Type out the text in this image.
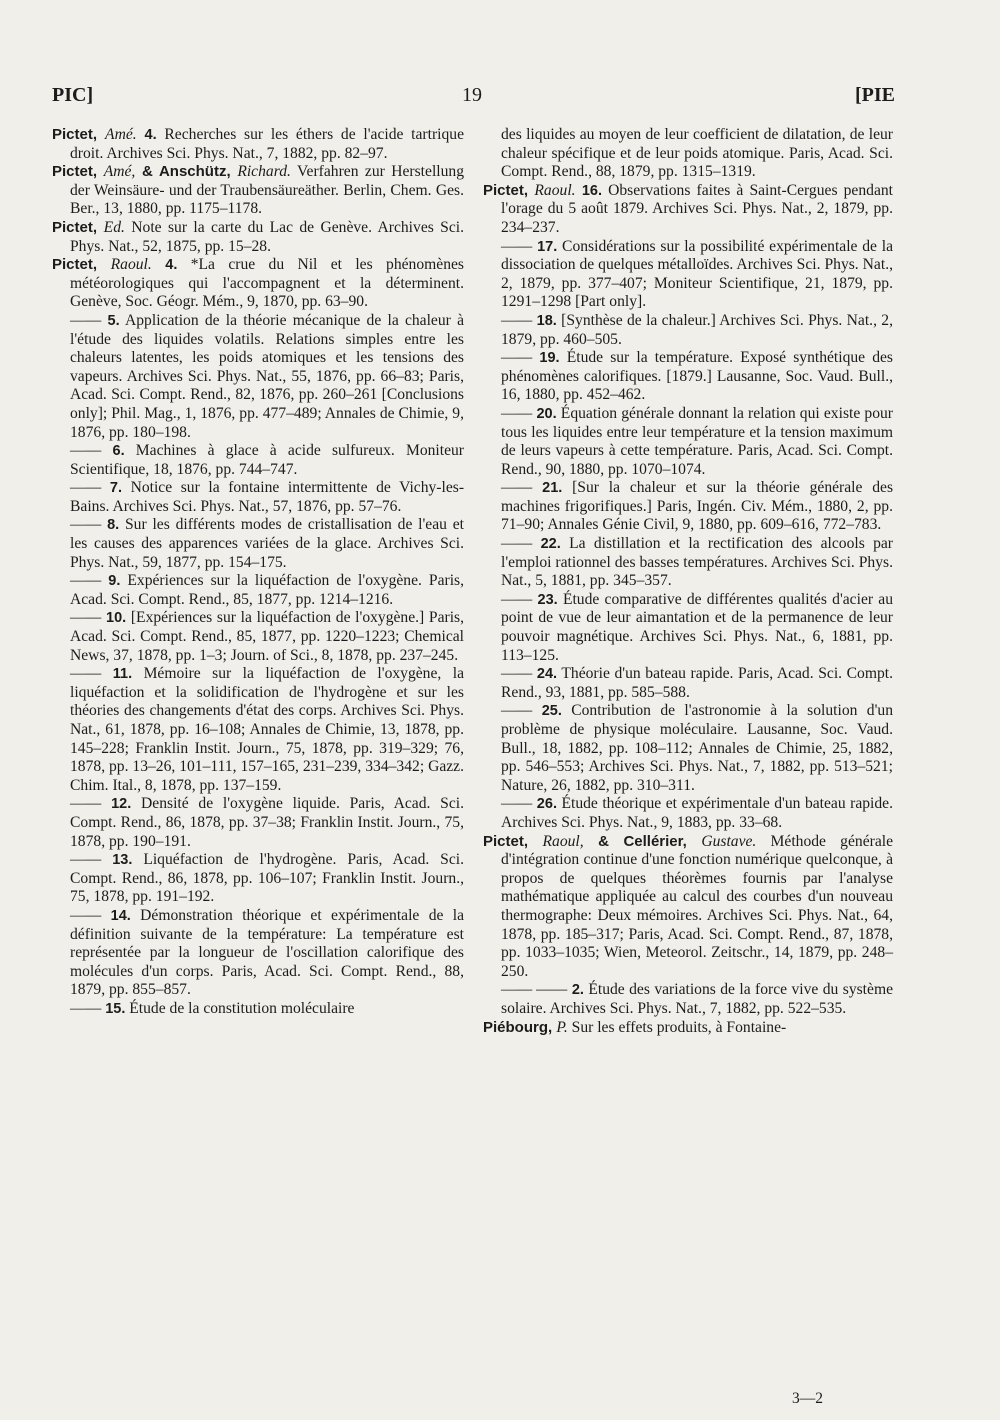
PIC]	19	[PIE

Pictet, Amé. 4. Recherches sur les éthers de l'acide tartrique droit. Archives Sci. Phys. Nat., 7, 1882, pp. 82–97.

Pictet, Amé, & Anschütz, Richard. Verfahren zur Herstellung der Weinsäure- und der Traubensäureäther. Berlin, Chem. Ges. Ber., 13, 1880, pp. 1175–1178.

Pictet, Ed. Note sur la carte du Lac de Genève. Archives Sci. Phys. Nat., 52, 1875, pp. 15–28.

Pictet, Raoul. 4. *La crue du Nil et les phénomènes météorologiques qui l'accompagnent et la déterminent. Genève, Soc. Géogr. Mém., 9, 1870, pp. 63–90.

—— 5. Application de la théorie mécanique de la chaleur à l'étude des liquides volatils. Relations simples entre les chaleurs latentes, les poids atomiques et les tensions des vapeurs. Archives Sci. Phys. Nat., 55, 1876, pp. 66–83; Paris, Acad. Sci. Compt. Rend., 82, 1876, pp. 260–261 [Conclusions only]; Phil. Mag., 1, 1876, pp. 477–489; Annales de Chimie, 9, 1876, pp. 180–198.

—— 6. Machines à glace à acide sulfureux. Moniteur Scientifique, 18, 1876, pp. 744–747.

—— 7. Notice sur la fontaine intermittente de Vichy-les-Bains. Archives Sci. Phys. Nat., 57, 1876, pp. 57–76.

—— 8. Sur les différents modes de cristallisation de l'eau et les causes des apparences variées de la glace. Archives Sci. Phys. Nat., 59, 1877, pp. 154–175.

—— 9. Expériences sur la liquéfaction de l'oxygène. Paris, Acad. Sci. Compt. Rend., 85, 1877, pp. 1214–1216.

—— 10. [Expériences sur la liquéfaction de l'oxygène.] Paris, Acad. Sci. Compt. Rend., 85, 1877, pp. 1220–1223; Chemical News, 37, 1878, pp. 1–3; Journ. of Sci., 8, 1878, pp. 237–245.

—— 11. Mémoire sur la liquéfaction de l'oxygène, la liquéfaction et la solidification de l'hydrogène et sur les théories des changements d'état des corps. Archives Sci. Phys. Nat., 61, 1878, pp. 16–108; Annales de Chimie, 13, 1878, pp. 145–228; Franklin Instit. Journ., 75, 1878, pp. 319–329; 76, 1878, pp. 13–26, 101–111, 157–165, 231–239, 334–342; Gazz. Chim. Ital., 8, 1878, pp. 137–159.

—— 12. Densité de l'oxygène liquide. Paris, Acad. Sci. Compt. Rend., 86, 1878, pp. 37–38; Franklin Instit. Journ., 75, 1878, pp. 190–191.

—— 13. Liquéfaction de l'hydrogène. Paris, Acad. Sci. Compt. Rend., 86, 1878, pp. 106–107; Franklin Instit. Journ., 75, 1878, pp. 191–192.

—— 14. Démonstration théorique et expérimentale de la définition suivante de la température: La température est représentée par la longueur de l'oscillation calorifique des molécules d'un corps. Paris, Acad. Sci. Compt. Rend., 88, 1879, pp. 855–857.

—— 15. Étude de la constitution moléculaire

des liquides au moyen de leur coefficient de dilatation, de leur chaleur spécifique et de leur poids atomique. Paris, Acad. Sci. Compt. Rend., 88, 1879, pp. 1315–1319.

Pictet, Raoul. 16. Observations faites à Saint-Cergues pendant l'orage du 5 août 1879. Archives Sci. Phys. Nat., 2, 1879, pp. 234–237.

—— 17. Considérations sur la possibilité expérimentale de la dissociation de quelques métalloïdes. Archives Sci. Phys. Nat., 2, 1879, pp. 377–407; Moniteur Scientifique, 21, 1879, pp. 1291–1298 [Part only].

—— 18. [Synthèse de la chaleur.] Archives Sci. Phys. Nat., 2, 1879, pp. 460–505.

—— 19. Étude sur la température. Exposé synthétique des phénomènes calorifiques. [1879.] Lausanne, Soc. Vaud. Bull., 16, 1880, pp. 452–462.

—— 20. Équation générale donnant la relation qui existe pour tous les liquides entre leur température et la tension maximum de leurs vapeurs à cette température. Paris, Acad. Sci. Compt. Rend., 90, 1880, pp. 1070–1074.

—— 21. [Sur la chaleur et sur la théorie générale des machines frigorifiques.] Paris, Ingén. Civ. Mém., 1880, 2, pp. 71–90; Annales Génie Civil, 9, 1880, pp. 609–616, 772–783.

—— 22. La distillation et la rectification des alcools par l'emploi rationnel des basses températures. Archives Sci. Phys. Nat., 5, 1881, pp. 345–357.

—— 23. Étude comparative de différentes qualités d'acier au point de vue de leur aimantation et de la permanence de leur pouvoir magnétique. Archives Sci. Phys. Nat., 6, 1881, pp. 113–125.

—— 24. Théorie d'un bateau rapide. Paris, Acad. Sci. Compt. Rend., 93, 1881, pp. 585–588.

—— 25. Contribution de l'astronomie à la solution d'un problème de physique moléculaire. Lausanne, Soc. Vaud. Bull., 18, 1882, pp. 108–112; Annales de Chimie, 25, 1882, pp. 546–553; Archives Sci. Phys. Nat., 7, 1882, pp. 513–521; Nature, 26, 1882, pp. 310–311.

—— 26. Étude théorique et expérimentale d'un bateau rapide. Archives Sci. Phys. Nat., 9, 1883, pp. 33–68.

Pictet, Raoul, & Cellérier, Gustave. Méthode générale d'intégration continue d'une fonction numérique quelconque, à propos de quelques théorèmes fournis par l'analyse mathématique appliquée au calcul des courbes d'un nouveau thermographe: Deux mémoires. Archives Sci. Phys. Nat., 64, 1878, pp. 185–317; Paris, Acad. Sci. Compt. Rend., 87, 1878, pp. 1033–1035; Wien, Meteorol. Zeitschr., 14, 1879, pp. 248–250.

—— —— 2. Étude des variations de la force vive du système solaire. Archives Sci. Phys. Nat., 7, 1882, pp. 522–535.

Piébourg, P. Sur les effets produits, à Fontaine-

3—2
